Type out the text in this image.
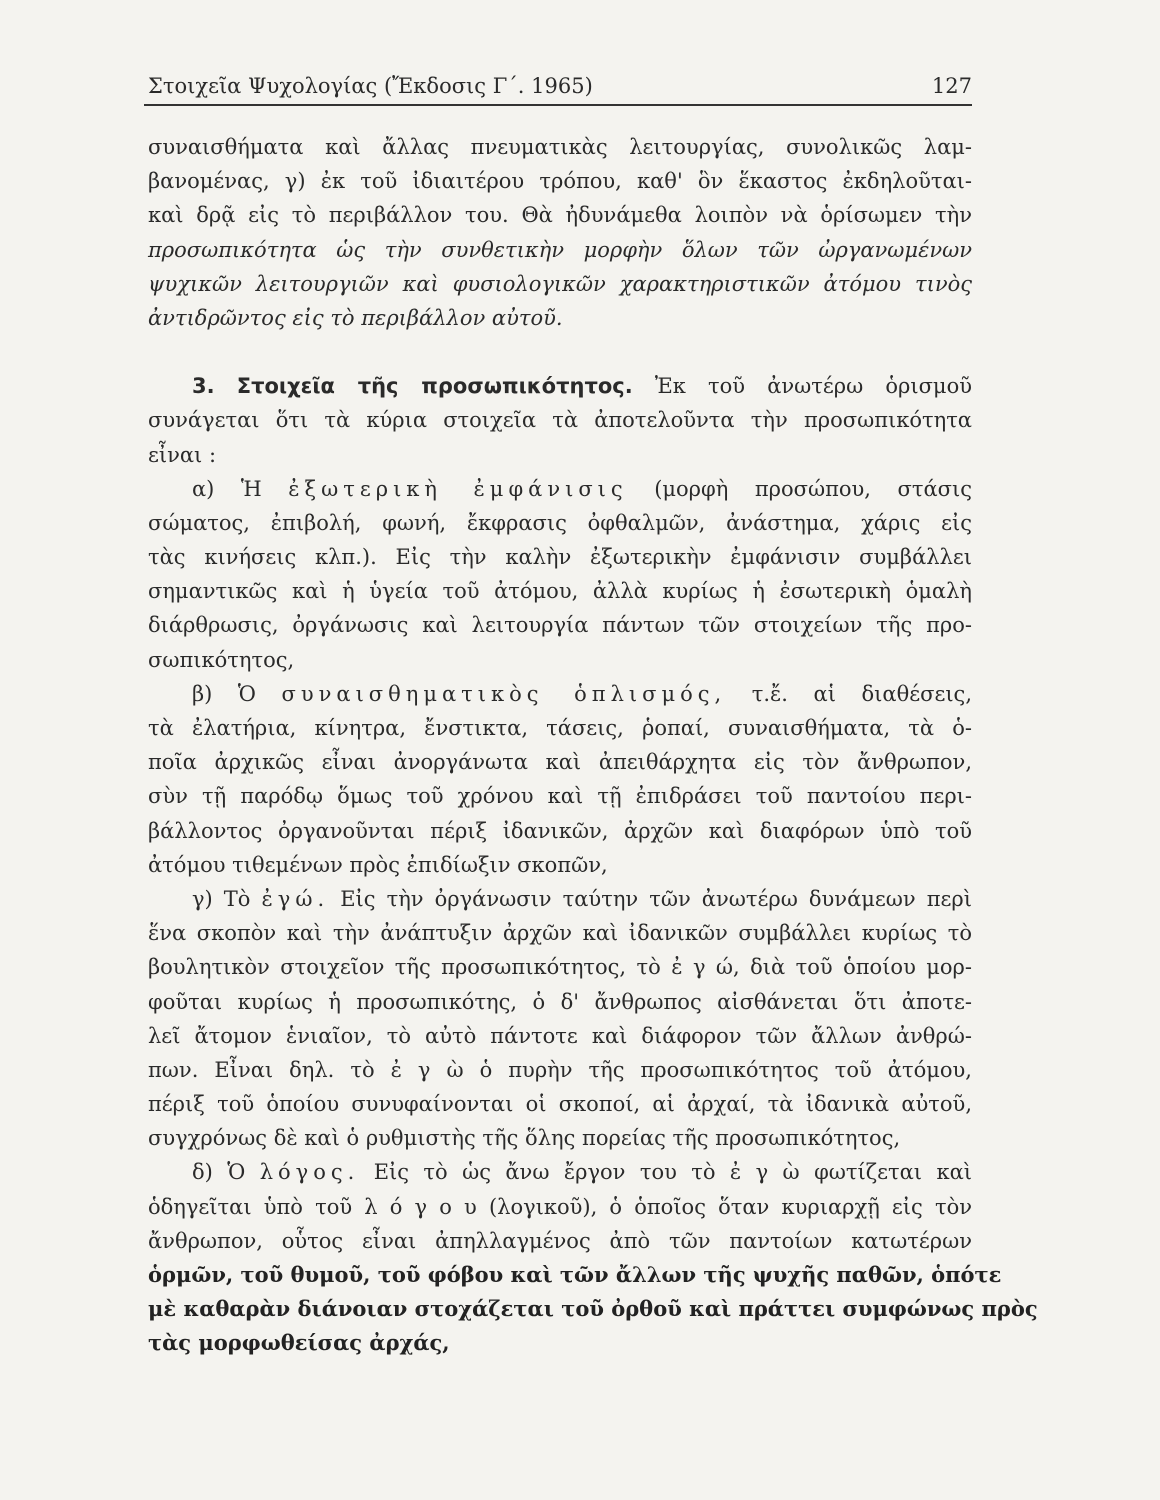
Στοιχεῖα Ψυχολογίας (Ἔκδοσις Γ΄. 1965)	127
συναισθήματα καὶ ἄλλας πνευματικὰς λειτουργίας, συνολικῶς λαμ-
βανομένας, γ) ἐκ τοῦ ἰδιαιτέρου τρόπου, καθ' ὃν ἕκαστος ἐκδηλοῦται-
καὶ δρᾷ εἰς τὸ περιβάλλον του. Θὰ ἠδυνάμεθα λοιπὸν νὰ ὁρίσωμεν τὴν
προσωπικότητα ὡς τὴν συνθετικὴν μορφὴν ὅλων τῶν ὠργανωμένων
ψυχικῶν λειτουργιῶν καὶ φυσιολογικῶν χαρακτηριστικῶν ἀτόμου τινὸς
ἀντιδρῶντος εἰς τὸ περιβάλλον αὐτοῦ.
3. Στοιχεῖα τῆς προσωπικότητος. Ἐκ τοῦ ἀνωτέρω ὁρισμοῦ
συνάγεται ὅτι τὰ κύρια στοιχεῖα τὰ ἀποτελοῦντα τὴν προσωπικότητα
εἶναι :
α) Ἡ ἐξωτερικὴ ἐμφάνισις (μορφὴ προσώπου, στάσις
σώματος, ἐπιβολή, φωνή, ἔκφρασις ὀφθαλμῶν, ἀνάστημα, χάρις εἰς
τὰς κινήσεις κλπ.). Εἰς τὴν καλὴν ἐξωτερικὴν ἐμφάνισιν συμβάλλει
σημαντικῶς καὶ ἡ ὑγεία τοῦ ἀτόμου, ἀλλὰ κυρίως ἡ ἐσωτερικὴ ὁμαλὴ
διάρθρωσις, ὀργάνωσις καὶ λειτουργία πάντων τῶν στοιχείων τῆς προ-
σωπικότητος,
β) Ὁ συναισθηματικὸς ὁπλισμός, τ.ἔ. αἱ διαθέσεις,
τὰ ἐλατήρια, κίνητρα, ἔνστικτα, τάσεις, ῥοπαί, συναισθήματα, τὰ ὁ-
ποῖα ἀρχικῶς εἶναι ἀνοργάνωτα καὶ ἀπειθάρχητα εἰς τὸν ἄνθρωπον,
σὺν τῇ παρόδῳ ὅμως τοῦ χρόνου καὶ τῇ ἐπιδράσει τοῦ παντοίου περι-
βάλλοντος ὀργανοῦνται πέριξ ἰδανικῶν, ἀρχῶν καὶ διαφόρων ὑπὸ τοῦ
ἀτόμου τιθεμένων πρὸς ἐπιδίωξιν σκοπῶν,
γ) Τὸ ἐγώ. Εἰς τὴν ὀργάνωσιν ταύτην τῶν ἀνωτέρω δυνάμεων περὶ
ἕνα σκοπὸν καὶ τὴν ἀνάπτυξιν ἀρχῶν καὶ ἰδανικῶν συμβάλλει κυρίως τὸ
βουλητικὸν στοιχεῖον τῆς προσωπικότητος, τὸ ἐ γ ώ, διὰ τοῦ ὁποίου μορ-
φοῦται κυρίως ἡ προσωπικότης, ὁ δ' ἄνθρωπος αἰσθάνεται ὅτι ἀποτε-
λεῖ ἄτομον ἑνιαῖον, τὸ αὐτὸ πάντοτε καὶ διάφορον τῶν ἄλλων ἀνθρώ-
πων. Εἶναι δηλ. τὸ ἐ γ ὼ ὁ πυρὴν τῆς προσωπικότητος τοῦ ἀτόμου,
πέριξ τοῦ ὁποίου συνυφαίνονται οἱ σκοποί, αἱ ἀρχαί, τὰ ἰδανικὰ αὐτοῦ,
συγχρόνως δὲ καὶ ὁ ρυθμιστὴς τῆς ὅλης πορείας τῆς προσωπικότητος,
δ) Ὁ λόγος. Εἰς τὸ ὡς ἄνω ἔργον του τὸ ἐ γ ὼ φωτίζεται καὶ
ὁδηγεῖται ὑπὸ τοῦ λ ό γ ο υ (λογικοῦ), ὁ ὁποῖος ὅταν κυριαρχῇ εἰς τὸν
ἄνθρωπον, οὗτος εἶναι ἀπηλλαγμένος ἀπὸ τῶν παντοίων κατωτέρων
ὁρμῶν, τοῦ θυμοῦ, τοῦ φόβου καὶ τῶν ἄλλων τῆς ψυχῆς παθῶν, ὁπότε
μὲ καθαρὰν διάνοιαν στοχάζεται τοῦ ὀρθοῦ καὶ πράττει συμφώνως πρὸς
τὰς μορφωθείσας ἀρχάς,
